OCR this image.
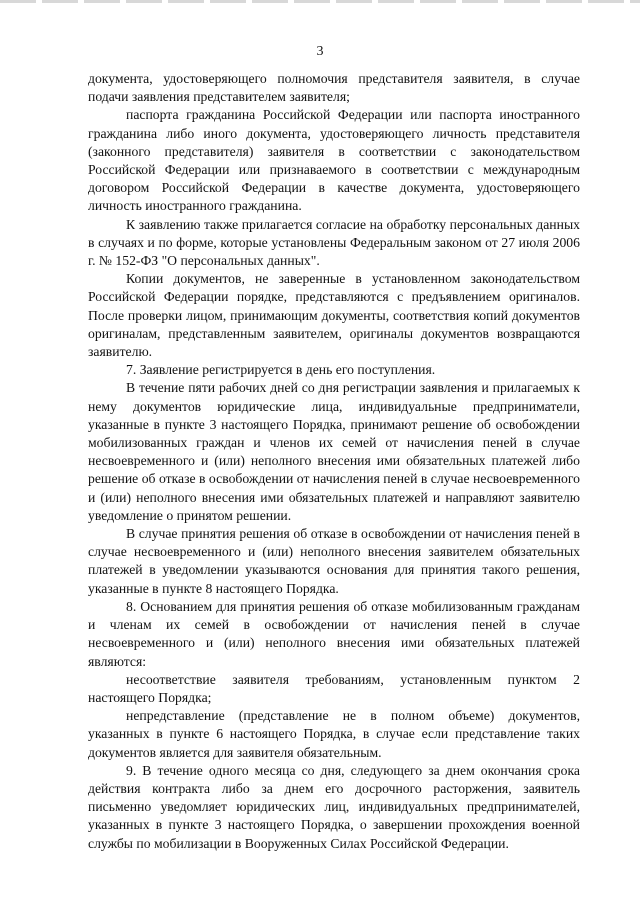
3

документа, удостоверяющего полномочия представителя заявителя, в случае подачи заявления представителем заявителя;

паспорта гражданина Российской Федерации или паспорта иностранного гражданина либо иного документа, удостоверяющего личность представителя (законного представителя) заявителя в соответствии с законодательством Российской Федерации или признаваемого в соответствии с международным договором Российской Федерации в качестве документа, удостоверяющего личность иностранного гражданина.

К заявлению также прилагается согласие на обработку персональных данных в случаях и по форме, которые установлены Федеральным законом от 27 июля 2006 г. № 152-ФЗ "О персональных данных".

Копии документов, не заверенные в установленном законодательством Российской Федерации порядке, представляются с предъявлением оригиналов. После проверки лицом, принимающим документы, соответствия копий документов оригиналам, представленным заявителем, оригиналы документов возвращаются заявителю.

7. Заявление регистрируется в день его поступления.

В течение пяти рабочих дней со дня регистрации заявления и прилагаемых к нему документов юридические лица, индивидуальные предприниматели, указанные в пункте 3 настоящего Порядка, принимают решение об освобождении мобилизованных граждан и членов их семей от начисления пеней в случае несвоевременного и (или) неполного внесения ими обязательных платежей либо решение об отказе в освобождении от начисления пеней в случае несвоевременного и (или) неполного внесения ими обязательных платежей и направляют заявителю уведомление о принятом решении.

В случае принятия решения об отказе в освобождении от начисления пеней в случае несвоевременного и (или) неполного внесения заявителем обязательных платежей в уведомлении указываются основания для принятия такого решения, указанные в пункте 8 настоящего Порядка.

8. Основанием для принятия решения об отказе мобилизованным гражданам и членам их семей в освобождении от начисления пеней в случае несвоевременного и (или) неполного внесения ими обязательных платежей являются:

несоответствие заявителя требованиям, установленным пунктом 2 настоящего Порядка;

непредставление (представление не в полном объеме) документов, указанных в пункте 6 настоящего Порядка, в случае если представление таких документов является для заявителя обязательным.

9. В течение одного месяца со дня, следующего за днем окончания срока действия контракта либо за днем его досрочного расторжения, заявитель письменно уведомляет юридических лиц, индивидуальных предпринимателей, указанных в пункте 3 настоящего Порядка, о завершении прохождения военной службы по мобилизации в Вооруженных Силах Российской Федерации.
